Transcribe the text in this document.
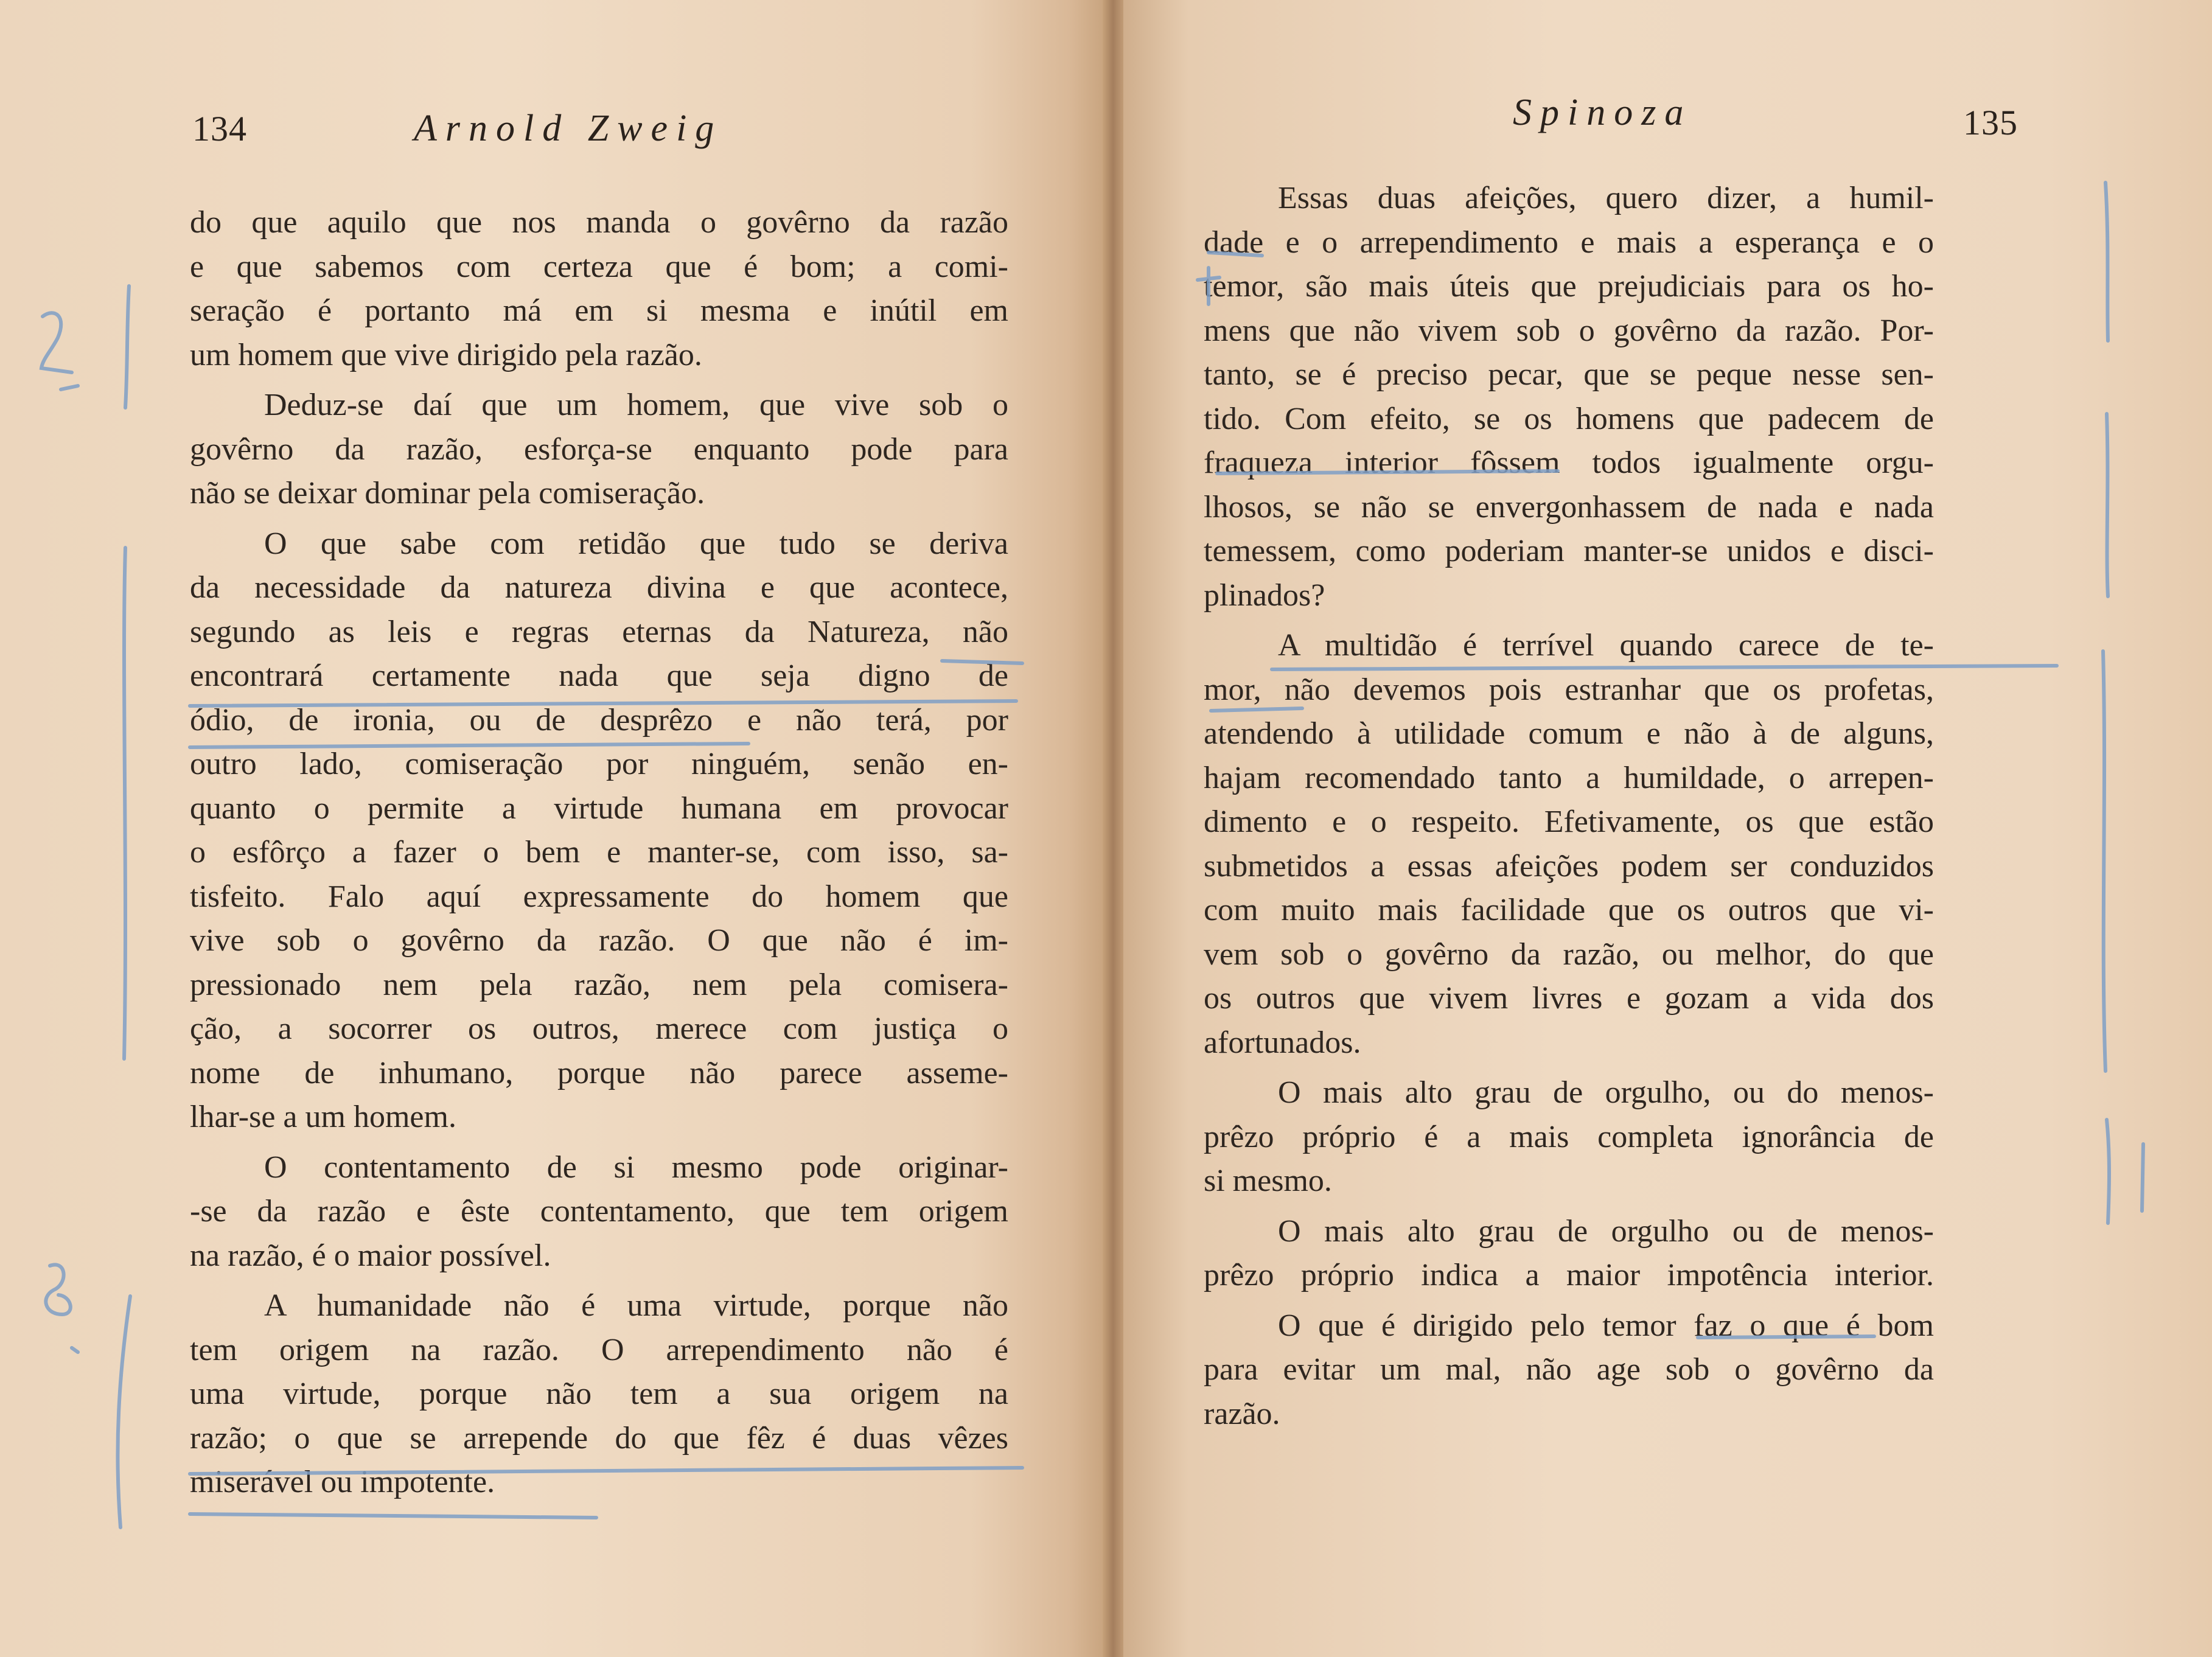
134	Arnold Zweig
do que aquilo que nos manda o govêrno da razão
e que sabemos com certeza que é bom; a comi-
seração é portanto má em si mesma e inútil em
um homem que vive dirigido pela razão.
Deduz-se daí que um homem, que vive sob o
govêrno da razão, esforça-se enquanto pode para
não se deixar dominar pela comiseração.
O que sabe com retidão que tudo se deriva
da necessidade da natureza divina e que acontece,
segundo as leis e regras eternas da Natureza, não
encontrará certamente nada que seja digno de
ódio, de ironia, ou de desprêzo e não terá, por
outro lado, comiseração por ninguém, senão en-
quanto o permite a virtude humana em provocar
o esfôrço a fazer o bem e manter-se, com isso, sa-
tisfeito. Falo aquí expressamente do homem que
vive sob o govêrno da razão. O que não é im-
pressionado nem pela razão, nem pela comisera-
ção, a socorrer os outros, merece com justiça o
nome de inhumano, porque não parece asseme-
lhar-se a um homem.
O contentamento de si mesmo pode originar-
-se da razão e êste contentamento, que tem origem
na razão, é o maior possível.
A humanidade não é uma virtude, porque não
tem origem na razão. O arrependimento não é
uma virtude, porque não tem a sua origem na
razão; o que se arrepende do que fêz é duas vêzes
miserável ou impotente.
Spinoza	135
Essas duas afeições, quero dizer, a humil-
dade e o arrependimento e mais a esperança e o
temor, são mais úteis que prejudiciais para os ho-
mens que não vivem sob o govêrno da razão. Por-
tanto, se é preciso pecar, que se peque nesse sen-
tido. Com efeito, se os homens que padecem de
fraqueza interior fôssem todos igualmente orgu-
lhosos, se não se envergonhassem de nada e nada
temessem, como poderiam manter-se unidos e disci-
plinados?
A multidão é terrível quando carece de te-
mor, não devemos pois estranhar que os profetas,
atendendo à utilidade comum e não à de alguns,
hajam recomendado tanto a humildade, o arrepen-
dimento e o respeito. Efetivamente, os que estão
submetidos a essas afeições podem ser conduzidos
com muito mais facilidade que os outros que vi-
vem sob o govêrno da razão, ou melhor, do que
os outros que vivem livres e gozam a vida dos
afortunados.
O mais alto grau de orgulho, ou do menos-
prêzo próprio é a mais completa ignorância de
si mesmo.
O mais alto grau de orgulho ou de menos-
prêzo próprio indica a maior impotência interior.
O que é dirigido pelo temor faz o que é bom
para evitar um mal, não age sob o govêrno da
razão.
